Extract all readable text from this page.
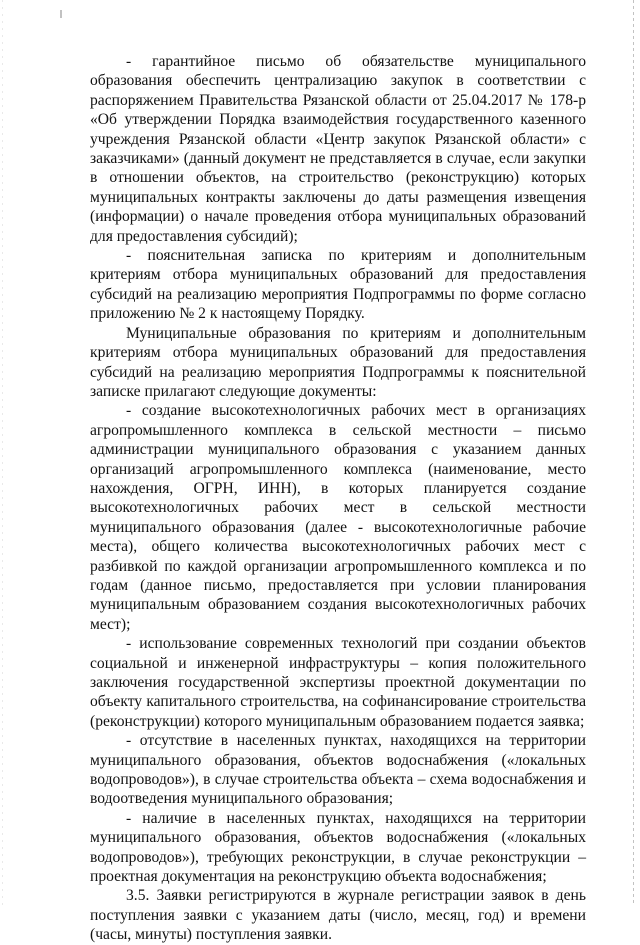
- гарантийное письмо об обязательстве муниципального образования обеспечить централизацию закупок в соответствии с распоряжением Правительства Рязанской области от 25.04.2017 № 178-р «Об утверждении Порядка взаимодействия государственного казенного учреждения Рязанской области «Центр закупок Рязанской области» с заказчиками» (данный документ не представляется в случае, если закупки в отношении объектов, на строительство (реконструкцию) которых муниципальных контракты заключены до даты размещения извещения (информации) о начале проведения отбора муниципальных образований для предоставления субсидий);

- пояснительная записка по критериям и дополнительным критериям отбора муниципальных образований для предоставления субсидий на реализацию мероприятия Подпрограммы по форме согласно приложению № 2 к настоящему Порядку.

Муниципальные образования по критериям и дополнительным критериям отбора муниципальных образований для предоставления субсидий на реализацию мероприятия Подпрограммы к пояснительной записке прилагают следующие документы:

- создание высокотехнологичных рабочих мест в организациях агропромышленного комплекса в сельской местности – письмо администрации муниципального образования с указанием данных организаций агропромышленного комплекса (наименование, место нахождения, ОГРН, ИНН), в которых планируется создание высокотехнологичных рабочих мест в сельской местности муниципального образования (далее - высокотехнологичные рабочие места), общего количества высокотехнологичных рабочих мест с разбивкой по каждой организации агропромышленного комплекса и по годам (данное письмо, предоставляется при условии планирования муниципальным образованием создания высокотехнологичных рабочих мест);

- использование современных технологий при создании объектов социальной и инженерной инфраструктуры – копия положительного заключения государственной экспертизы проектной документации по объекту капитального строительства, на софинансирование строительства (реконструкции) которого муниципальным образованием подается заявка;

- отсутствие в населенных пунктах, находящихся на территории муниципального образования, объектов водоснабжения («локальных водопроводов»), в случае строительства объекта – схема водоснабжения и водоотведения муниципального образования;

- наличие в населенных пунктах, находящихся на территории муниципального образования, объектов водоснабжения («локальных водопроводов»), требующих реконструкции, в случае реконструкции – проектная документация на реконструкцию объекта водоснабжения;

3.5. Заявки регистрируются в журнале регистрации заявок в день поступления заявки с указанием даты (число, месяц, год) и времени (часы, минуты) поступления заявки.
